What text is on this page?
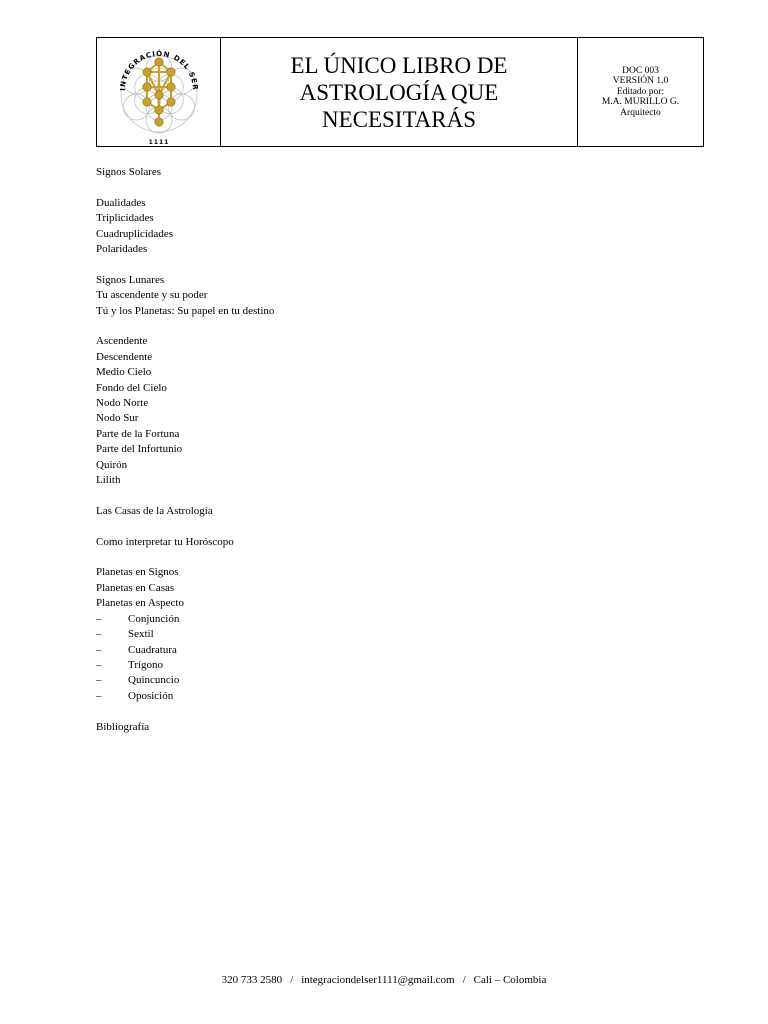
INTEGRACIÓN DEL SER
1111
EL ÚNICO LIBRO DE
ASTROLOGÍA QUE
NECESITARÁS
DOC 003
VERSIÓN 1.0
Editado por:
M.A. MURILLO G.
Arquitecto
Signos Solares
Dualidades
Triplicidades
Cuadruplicidades
Polaridades
Signos Lunares
Tu ascendente y su poder
Tú y los Planetas: Su papel en tu destino
Ascendente
Descendente
Medio Cielo
Fondo del Cielo
Nodo Norte
Nodo Sur
Parte de la Fortuna
Parte del Infortunio
Quirón
Lilith
Las Casas de la Astrología
Como interpretar tu Horóscopo
Planetas en Signos
Planetas en Casas
Planetas en Aspecto
–	Conjunción
–	Sextil
–	Cuadratura
–	Trígono
–	Quincuncio
–	Oposición
Bibliografía
320 733 2580 / integraciondelser1111@gmail.com / Cali – Colombia
